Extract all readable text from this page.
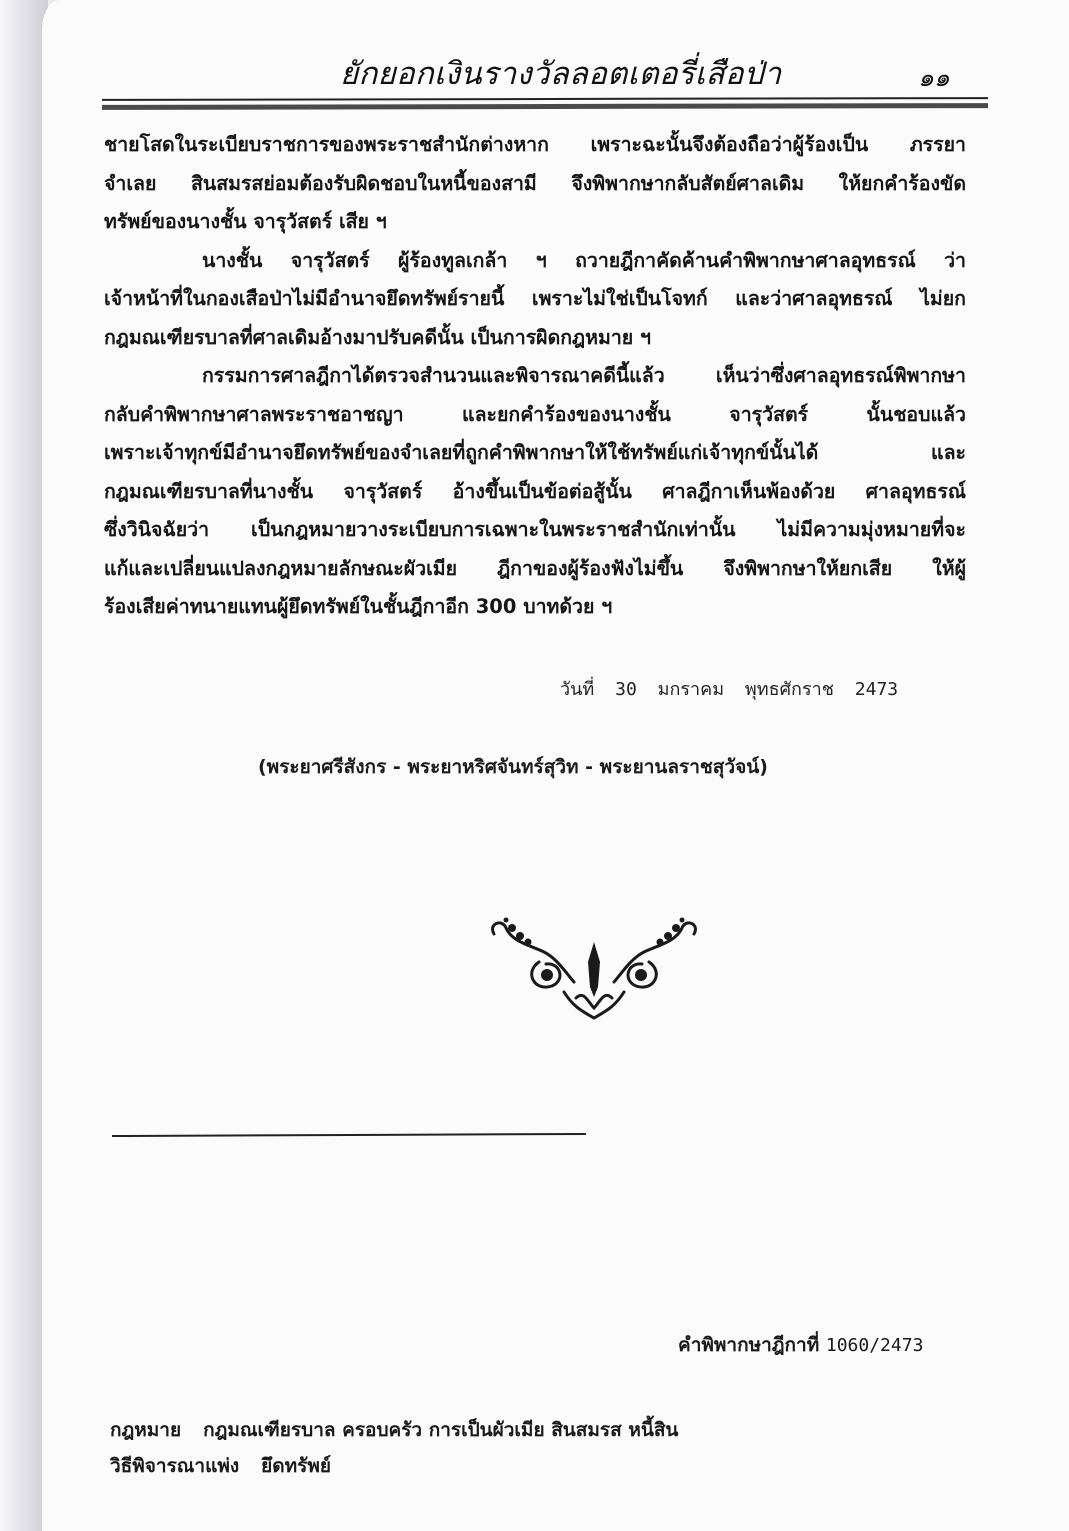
ยักยอกเงินรางวัลลอตเตอรี่เสือป่า	๑๑
ชายโสดในระเบียบราชการของพระราชสำนักต่างหาก เพราะฉะนั้นจึงต้องถือว่าผู้ร้องเป็น ภรรยา
จำเลย สินสมรสย่อมต้องรับผิดชอบในหนี้ของสามี จึงพิพากษากลับสัตย์ศาลเดิม ให้ยกคำร้องขัด
ทรัพย์ของนางชั้น จารุวัสตร์ เสีย ฯ
นางชั้น จารุวัสตร์ ผู้ร้องทูลเกล้า ฯ ถวายฎีกาคัดค้านคำพิพากษาศาลอุทธรณ์ ว่า
เจ้าหน้าที่ในกองเสือป่าไม่มีอำนาจยึดทรัพย์รายนี้ เพราะไม่ใช่เป็นโจทก์ และว่าศาลอุทธรณ์ ไม่ยก
กฎมณเฑียรบาลที่ศาลเดิมอ้างมาปรับคดีนั้น เป็นการผิดกฎหมาย ฯ
กรรมการศาลฎีกาได้ตรวจสำนวนและพิจารณาคดีนี้แล้ว เห็นว่าซึ่งศาลอุทธรณ์พิพากษา
กลับคำพิพากษาศาลพระราชอาชญา และยกคำร้องของนางชั้น จารุวัสตร์ นั้นชอบแล้ว
เพราะเจ้าทุกข์มีอำนาจยึดทรัพย์ของจำเลยที่ถูกคำพิพากษาให้ใช้ทรัพย์แก่เจ้าทุกข์นั้นได้ และ
กฎมณเฑียรบาลที่นางชั้น จารุวัสตร์ อ้างขึ้นเป็นข้อต่อสู้นั้น ศาลฎีกาเห็นพ้องด้วย ศาลอุทธรณ์
ซึ่งวินิจฉัยว่า เป็นกฎหมายวางระเบียบการเฉพาะในพระราชสำนักเท่านั้น ไม่มีความมุ่งหมายที่จะ
แก้และเปลี่ยนแปลงกฎหมายลักษณะผัวเมีย ฎีกาของผู้ร้องฟังไม่ขึ้น จึงพิพากษาให้ยกเสีย ให้ผู้
ร้องเสียค่าทนายแทนผู้ยึดทรัพย์ในชั้นฎีกาอีก 300 บาทด้วย ฯ
วันที่ 30 มกราคม พุทธศักราช 2473
(พระยาศรีสังกร - พระยาหริศจันทร์สุวิท - พระยานลราชสุวัจน์)
คำพิพากษาฎีกาที่ 1060/2473
กฎหมาย กฎมณเฑียรบาล ครอบครัว การเป็นผัวเมีย สินสมรส หนี้สิน
วิธีพิจารณาแพ่ง ยึดทรัพย์
